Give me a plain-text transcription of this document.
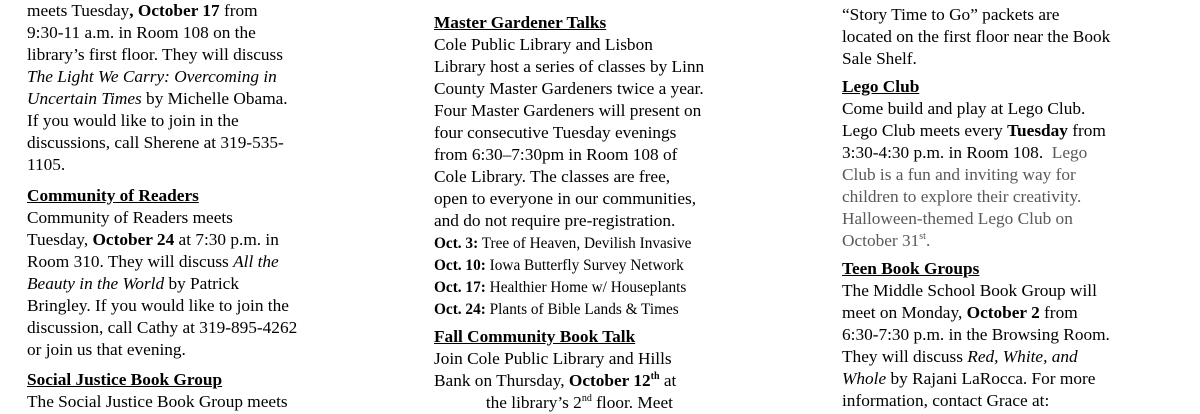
meets Tuesday, October 17 from
9:30-11 a.m. in Room 108 on the
library’s first floor. They will discuss
The Light We Carry: Overcoming in
Uncertain Times by Michelle Obama.
If you would like to join in the
discussions, call Sherene at 319-535-
1105.
Community of Readers
Community of Readers meets
Tuesday, October 24 at 7:30 p.m. in
Room 310. They will discuss All the
Beauty in the World by Patrick
Bringley. If you would like to join the
discussion, call Cathy at 319-895-4262
or join us that evening.
Social Justice Book Group
The Social Justice Book Group meets
Master Gardener Talks
Cole Public Library and Lisbon
Library host a series of classes by Linn
County Master Gardeners twice a year.
Four Master Gardeners will present on
four consecutive Tuesday evenings
from 6:30–7:30pm in Room 108 of
Cole Library. The classes are free,
open to everyone in our communities,
and do not require pre-registration.
Oct. 3: Tree of Heaven, Devilish Invasive
Oct. 10: Iowa Butterfly Survey Network
Oct. 17: Healthier Home w/ Houseplants
Oct. 24: Plants of Bible Lands & Times
Fall Community Book Talk
Join Cole Public Library and Hills
Bank on Thursday, October 12th at
the library’s 2nd floor. Meet
“Story Time to Go” packets are
located on the first floor near the Book
Sale Shelf.
Lego Club
Come build and play at Lego Club.
Lego Club meets every Tuesday from
3:30-4:30 p.m. in Room 108.  Lego
Club is a fun and inviting way for
children to explore their creativity.
Halloween-themed Lego Club on
October 31st.
Teen Book Groups
The Middle School Book Group will
meet on Monday, October 2 from
6:30-7:30 p.m. in the Browsing Room.
They will discuss Red, White, and
Whole by Rajani LaRocca. For more
information, contact Grace at:
